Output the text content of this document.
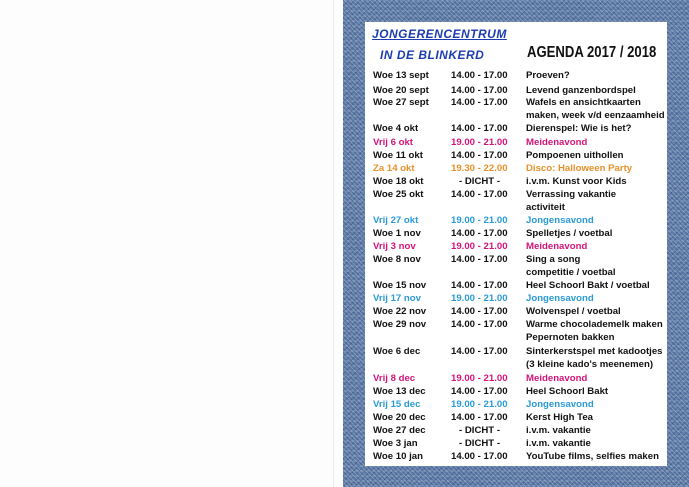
JONGERENCENTRUM
IN DE BLINKERD	AGENDA 2017 / 2018
Woe 13 sept 14.00 - 17.00 Proeven?
Woe 20 sept 14.00 - 17.00 Levend ganzenbordspel
Woe 27 sept 14.00 - 17.00 Wafels en ansichtkaarten
maken, week v/d eenzaamheid
Woe 4 okt	14.00 - 17.00 Dierenspel: Wie is het?
Vrij 6 okt	19.00 - 21.00 Meidenavond
Woe 11 okt	14.00 - 17.00 Pompoenen uithollen
Za 14 okt	19.30 - 22.00 Disco: Halloween Party
Woe 18 okt	- DICHT -	i.v.m. Kunst voor Kids
Woe 25 okt	14.00 - 17.00 Verrassing vakantie
activiteit
Vrij 27 okt	19.00 - 21.00 Jongensavond
Woe 1 nov	14.00 - 17.00 Spelletjes / voetbal
Vrij 3 nov	19.00 - 21.00 Meidenavond
Woe 8 nov	14.00 - 17.00 Sing a song
competitie / voetbal
Woe 15 nov	14.00 - 17.00 Heel Schoorl Bakt / voetbal
Vrij 17 nov	19.00 - 21.00 Jongensavond
Woe 22 nov	14.00 - 17.00 Wolvenspel / voetbal
Woe 29 nov	14.00 - 17.00 Warme chocolademelk maken
Pepernoten bakken
Woe 6 dec	14.00 - 17.00 Sinterkerstspel met kadootjes
(3 kleine kado's meenemen)
Vrij 8 dec	19.00 - 21.00 Meidenavond
Woe 13 dec	14.00 - 17.00 Heel Schoorl Bakt
Vrij 15 dec	19.00 - 21.00 Jongensavond
Woe 20 dec	14.00 - 17.00 Kerst High Tea
Woe 27 dec	- DICHT -	i.v.m. vakantie
Woe 3 jan	- DICHT -	i.v.m. vakantie
Woe 10 jan	14.00 - 17.00 YouTube films, selfies maken
